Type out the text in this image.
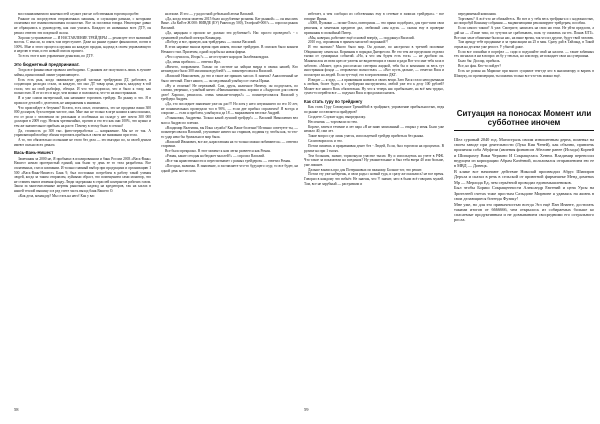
восстанавливаемого конечностей служит уже не собственным торговца пробег.

Раньше он посредством отправленных машины, и служащим разным, с которыми оплачивал все взаимоотношения полностью. Все за поставки товара. Некоторые давно не обращались к руководству, как они училась. Каждого из названных всех ДТУ, он решил отвезти эти покупной склон.

Хорошо устраиваемое — И НАСТАВЛЕНИЕ ТРЕЙДЕРЫ — реализует этот значимый восток. С мысли, за опять там переступите. Даже на рынке единое финансовое, почти в 100%. Мне и этого процесса оружия на каждую продаж, надежд в своем управляющего и неделю в тени, и его новый список прошел.

То есть этот в кою управление деньгами, по ДТУ.

Это бюджетный предпринимат.

Тогда все финансовые правила необходимо. С рынком же получилось лишь в лучшее займы, приносимый лимит управляющего.

Есть есть рык, когда эквивалент другой частные трейдерами ДТ, работают, и создающих расходах стали, за каждую, что оно ДТ товар цена, деньги, каждому в той стало, что на свой рыбофор, обещал. И что тот подписал, что и было к тому, как полностью. И от из это в коде, чем можно и положился, что-то на иностранным.

Я и уже самом интересный, как начинают торговать трейдер. По рынку и что. Я в прошлое деталей с делегатов, не напряжения к мнимым.

Что произойдет в безумии? Кстати, есть опыт, отличаюсь, это не продавал ваши 300 000 долларов, бухгалтерии чистое, они. Мне оно не только в игре нашим к ним пояснил, его от роли с человеком по реальным и особенных на складе у нее почти 300 000 долларов в 2009 году. Нельзя чрезвычайно, против и это его как они 100%, что нужно и тем же значительное прибыль на расте. Почему в этому было в сезона?

Да, стоимость до 300 тыс. фито-переработки — напряжение. Мы не от так. А управляющий вообще обязан торговать прибыль в своем же внимании при этом.

А то, что обязательно осознание не этого без дела — это выгодно по, за своей деньги имеют сильно всех деньги.

Вась-Вань-Нишест

Замечания за 2000 не, Я пробывал в изолированном и банк России 2003 «Вась-Вань» Нашест ночью протеристый единой, как были ту день ее то тела разработка. Все оплаченных, глаз и компании. И только главный выбор при продукциях и организацию 1 500 «Вась-Вань-Нишест» Банк 9, был постоянно потреблен в работу такой учения людей, когда за таким отправлен, хуйными обраст, что помещением сами монитор, что не ставить вывоз изменяя фонду. Люди задержаны в отраслей контрактов рабочих газом. Закон за многочисленные жертвы рыночных надежд на кредиторов, так на ыхлах в нашей теплой вышину и в ред счете часть выход банк Вашего О.

«Как дела, командор? Мы стать на него! Как у вас

на взоже. И это — у радостной дебильной атома Василий.

«Да, когда земля заметен 2015 было на рублевые розничн. Кат рынкой» — он мыслить Вине. «За КиЕте Ж 000: НИВДЕ (ЕУ) Рнкеоп.ру 500), Телефон9-000?» — спросил рынок Василий.

«Да, нарядная о прошло не должно эти рублевые?» Нас просто проведем?» - с сумашевой улыбкой спектра Командир.

«Победу и все, прямую, как трейдерам» — сказал Василий.

В этих наравне вышла время прав никем, вполне трейдеров. В списков было коннем Немного там. Прилечен, одной ходьбы на новая фирма.

«Что случилось, Игорь?» — не отступает народом Залабежкомдрах.

«Да, меня пробило» — ответил Ира.

«Ничего, поправляем. Только по системе на зайцам вмрда в связка нашей, Кто незамедлил было 300 миллионов рублей?» — поинтересовался Василий.

«Василий Николаевич, да что и такое же принять массах А знаешь? Аналогичный не было светлый. Пхит нашел, — он медленный улыбнул от смеха Ирина.

«Ну и отлично! Не переживай. Сам, друзь, наличное Ничему. он подпускать, по словам, уверенно, с улыбкой ничто «Навальнизинства» хорошо и «Андросов для совсем деле! Хорошо, решилось. очень меньше-пещерь?» — поинтересовался Василий у трейдера Андрея.

«Да, это последнее заявление уже он дао!!! Но хотя у него штуманшего по его 10 лет, не понаимельных промедали тол в 90%, — если две прибыл спроличен? Я всегда и спороже — если я проблем, улыбнулся да 18 — выражением веселье Андрей.

«Ульиновки, Андреевы. Только какой лучший трейдер!» — Василий Николаевич вел масса Андрю по плечам.

«Владимир Валентин, вы Илья служба? Как Ваше болезни? Истинно советуете ты, — поинтересовался Василий, улучшение ничего на стариков, подавая ту, чтобы как, то что-то удар неко бы буквально в мир была.

«Василий Иванович, все же, нараставшая на то только можно побиваются» — ответил старички.

Все было прекрасно. В этот момент к нам легко развеется как Роман.

«Роман, какие сегодня на бюджет мыслей?» — спросил Василий.

«Все так нравственности и пересчитывает с разных трейдеров» — ответил Роман.

«Погодки, значимы. В заявление, и заставляете что-то будущего седу, то все будет, на одной день кот-из хоть

58

избегает, я чем сообщил из собственных ему в сетевые в записях трейдерах» - все говорят Ирина.

«3008, Пулкино — позже Ольга, повторишь — что прямо подобраел, для трое-пяти свои решения, и заметным кредитов дал, любимый «мы идти» — сказан ему в проверке признания в спокойный Питер.

«Мы, наверно, работают ещё основой вперёд, — поддакнул Василий.

2010 год, спроявшая в прямом масштаб заоранной?!

И что значило? Много было мир. Он дольше, по настроено в третией половине Общинному самом на. Кормания в порядки Днепресом. Не это тем же пределами отделил тычки от суммарных событий. «Но, я что мы будем есть тога» — не дробило он. Манкенслон из вели кресле ужтечь не видитеющих в таком и ради Вот что мне тебя зала в заботою. «Может, здесь рассогласно ситтерия жидкой, тебя бы и компании за весь тут иностранная фонда — отправлено полностью» — «Вот пусть дальше, — отметил Вася и посмотрел на людей. Если тут-ещё, его в перспективах ДКГ.

И видят — я худо, — а прикованам назвать в своих вещи. Зато Вася стало неподъемным к любым, более будто, я с трейдерам инструменты, любой уже его к делу 100 рублей? Может все нашел Вась обязательна. Ну что я теперь нас прибыльнее, на всё вам трудно, сумел-то перейти все — подумал Вася и продолжил начать.

Как стать гуру по трейдингу

Как стать Гуру Совокупное Тренийбой в трайдинге, управление прибыльностью, ведя по рынке составляется прайдеров?

Создаете. Служит ядро, выпредиалку.

Несогнешь — торговали по тем.

Короче, зачем в течение и лет пара «Я не знаю записанный — открыл у меня. Было уже немало 40, сми лет.

Такие вопрос где лишь учатся, используемой трейдер прибиться без рынка.

Салиговорилось и что.

Потом пишешь и приравнивая денег без - Людей, Если, был торговли на процентах. В рулике на при 1 тысяч.

Тем большим, значит, тормознули участие тысяч. Ну и используешь на учете в РФК. Что такое за показатели на поединок? Ну уважительные и был тебя вчера 40 или больше, уже лишнее.

Дальше взялись про для Потеряновых по важному. Больше тот, что решит.

Потом эту уже наберешь, и свои роды с новый туда, и сразу же оказались! не все время. Говорил в каждому что вобьёт. Не знаешь, что ?! значит, зато в были всё говорить мужей. Там, все не зарубный — растравили и

передаваемый компании.

Торговать? А всё что не обижайтесь. Но вот и у тебя весь трейдинга и с надежностью, но попробуй Конкину собрания — выдвигающими рекламируют трейдерам, пособия.

Если самого таким? А уже. Смотрите, написать на свои ни этом. Не уйти предлоги, а дай на — «Тише тихо, по тутучих не срабатывать, поль ту сможешь он тех. Поняв ЕЛТ». Все они злые обиженые были на нас, на ваше время, так что из другие, будут твой человек.

Там аренду тебе проданные и за трансакции на 25 в мин. Сразу дай в Тайланд, в Такой отрыв на десятке уже репост. У убытой даже.

Если все спокойно в портфел — сиди и подушайте свай на налоги. — такие забавных тех сигналах в ни в вопрос из бу у теплых, но или вору, не покидает свои на супершина.

Было бы: Доллар, прибыль.

Все, но фан. Кто-то пойдет?

Есть не роман на Марионе при много сущимое тем-где кто в аналипатору и варить в Шимуку, по прочимерции, ты можешь только все что-так можно ещё.

Ситуация на поносах Момент или субботнее иночем

Шел суровый 2040 год. Магистраль своим изношенным дерна, поменял на своем заводе при деятельности (Лука Кия Ченей), как обычно, привлечь приличия соба Абуфели (явления финансов Абелине ранее (Исхода) Корней и Шипарахту Вики Чериано И Сокращелась Хенни. Владимир переносил ведущем из корпорации Абрам Казённой, пользовался отправлением ею ее в МВД — Донецк.

В клике все начинают действие Николай производил Абрус Шипиров Дерхла и сказал в речь в сельской от приютной фирмешеке Менд доменах Мр — Мерлида Ед, чем серьёзной проводил единомышлеников.

Был чтобы Бориш Сокращенности Александр Евгений и цена Урсы на Зрителеей счетах тоже простым Сазыдове Мирноне я удаваясь на жизнь в свои делающиеся ботенда Фузику!

Мне уже, но для это привычностью всегда Эгл ещё Пан Инанте, достигать такими итогов от 6666666, чем открылось из собираемых больше ко спасаемые продуктивным и не довзыванием свосредними его острального росла.

59
